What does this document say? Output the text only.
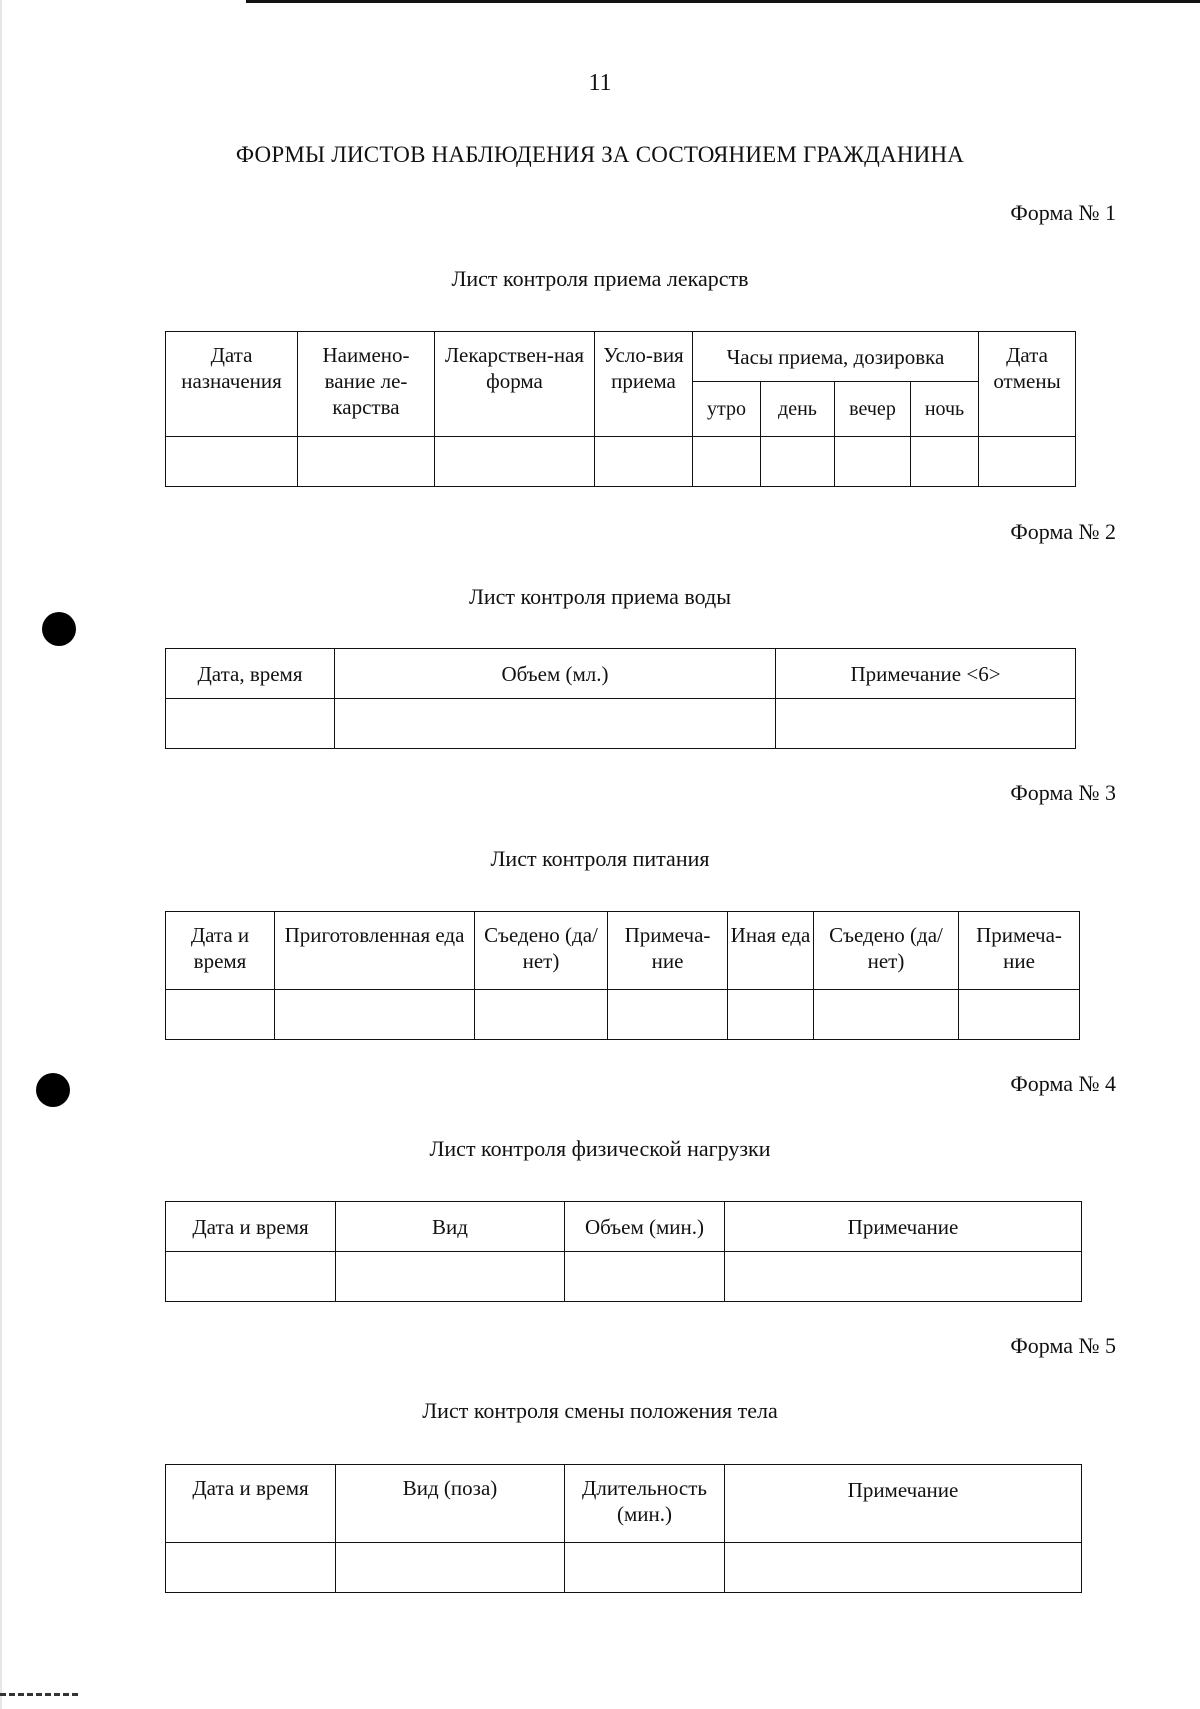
11
ФОРМЫ ЛИСТОВ НАБЛЮДЕНИЯ ЗА СОСТОЯНИЕМ ГРАЖДАНИНА
Форма № 1
Лист контроля приема лекарств
Дата назначения	Наимено-вание ле-карства	Лекарствен-ная форма	Усло-вия приема	Часы приема, дозировка				Дата отмены
				утро	день	вечер	ночь	

Форма № 2
Лист контроля приема воды
Дата, время	Объем (мл.)	Примечание <6>

Форма № 3
Лист контроля питания
Дата и время	Приготовленная еда	Съедено (да/нет)	Примеча-ние	Иная еда	Съедено (да/нет)	Примеча-ние

Форма № 4
Лист контроля физической нагрузки
Дата и время	Вид	Объем (мин.)	Примечание

Форма № 5
Лист контроля смены положения тела
Дата и время	Вид (поза)	Длительность (мин.)	Примечание
